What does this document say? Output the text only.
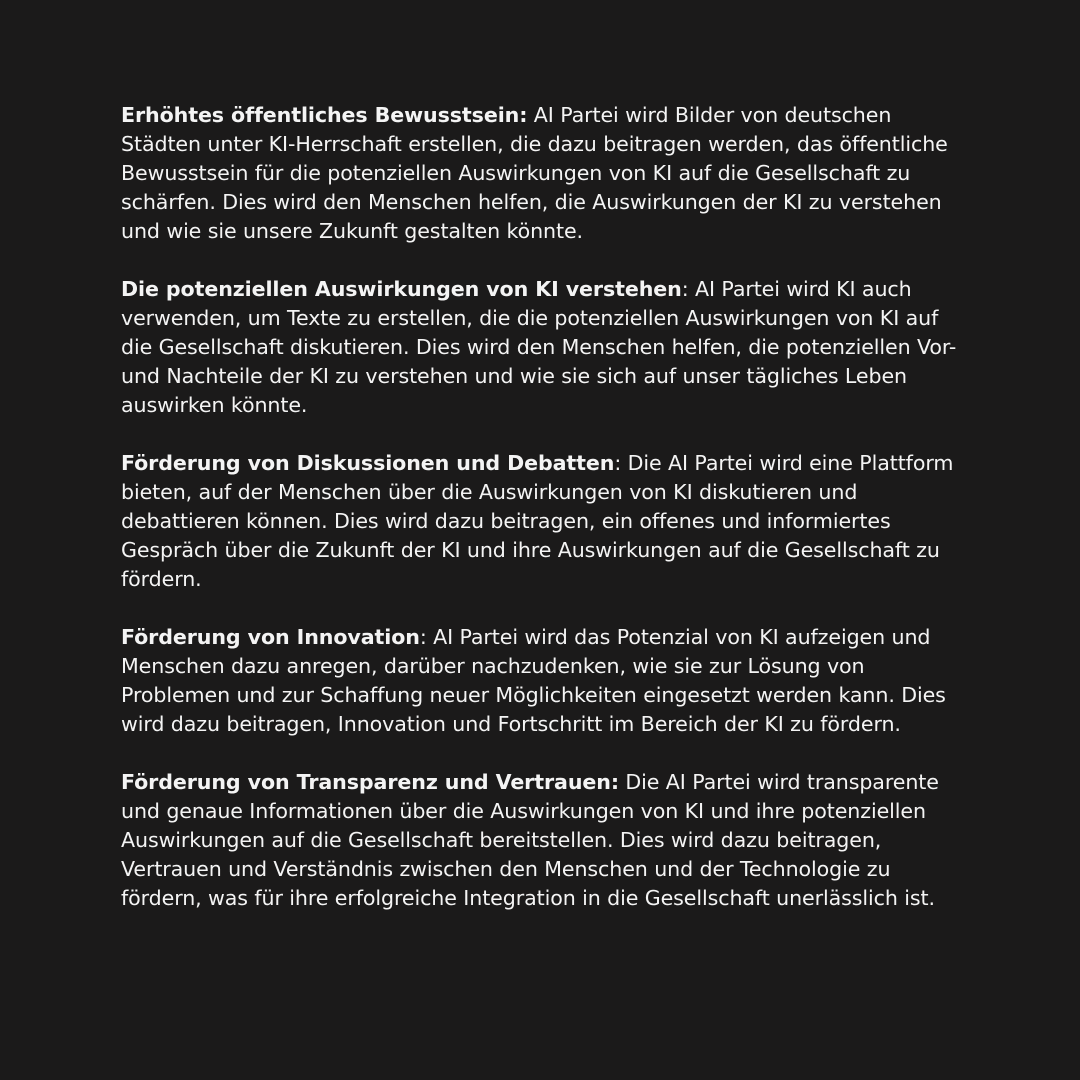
Erhöhtes öffentliches Bewusstsein: AI Partei wird Bilder von deutschen Städten unter KI-Herrschaft erstellen, die dazu beitragen werden, das öffentliche Bewusstsein für die potenziellen Auswirkungen von KI auf die Gesellschaft zu schärfen. Dies wird den Menschen helfen, die Auswirkungen der KI zu verstehen und wie sie unsere Zukunft gestalten könnte.

Die potenziellen Auswirkungen von KI verstehen: AI Partei wird KI auch verwenden, um Texte zu erstellen, die die potenziellen Auswirkungen von KI auf die Gesellschaft diskutieren. Dies wird den Menschen helfen, die potenziellen Vor- und Nachteile der KI zu verstehen und wie sie sich auf unser tägliches Leben auswirken könnte.

Förderung von Diskussionen und Debatten: Die AI Partei wird eine Plattform bieten, auf der Menschen über die Auswirkungen von KI diskutieren und debattieren können. Dies wird dazu beitragen, ein offenes und informiertes Gespräch über die Zukunft der KI und ihre Auswirkungen auf die Gesellschaft zu fördern.

Förderung von Innovation: AI Partei wird das Potenzial von KI aufzeigen und Menschen dazu anregen, darüber nachzudenken, wie sie zur Lösung von Problemen und zur Schaffung neuer Möglichkeiten eingesetzt werden kann. Dies wird dazu beitragen, Innovation und Fortschritt im Bereich der KI zu fördern.

Förderung von Transparenz und Vertrauen: Die AI Partei wird transparente und genaue Informationen über die Auswirkungen von KI und ihre potenziellen Auswirkungen auf die Gesellschaft bereitstellen. Dies wird dazu beitragen, Vertrauen und Verständnis zwischen den Menschen und der Technologie zu fördern, was für ihre erfolgreiche Integration in die Gesellschaft unerlässlich ist.
